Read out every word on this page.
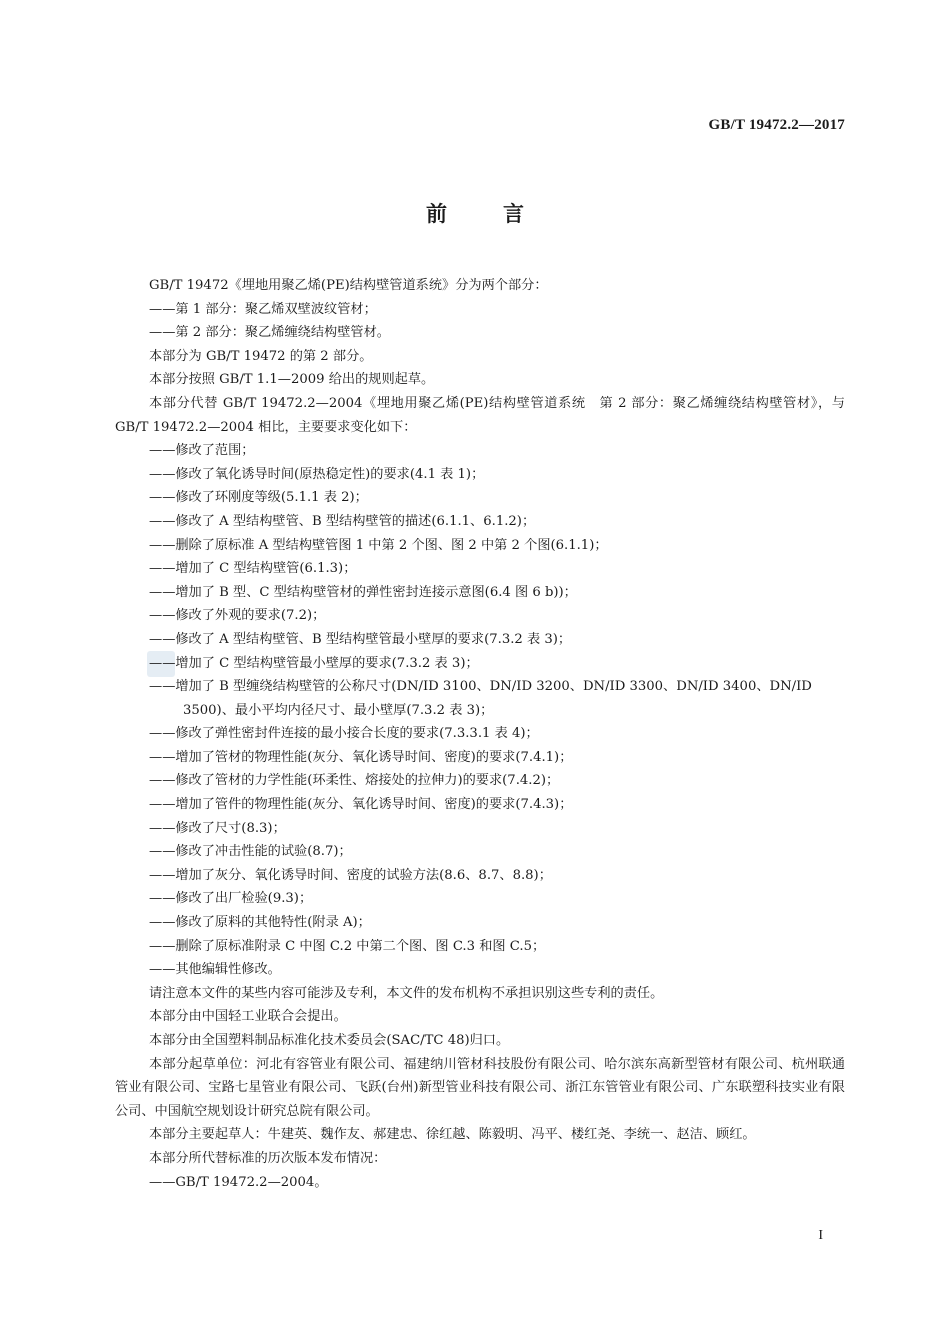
GB/T 19472.2—2017
前言

GB/T 19472《埋地用聚乙烯(PE)结构壁管道系统》分为两个部分：

——第 1 部分：聚乙烯双壁波纹管材；

——第 2 部分：聚乙烯缠绕结构壁管材。

本部分为 GB/T 19472 的第 2 部分。

本部分按照 GB/T 1.1—2009 给出的规则起草。

本部分代替 GB/T 19472.2—2004《埋地用聚乙烯(PE)结构壁管道系统　第 2 部分：聚乙烯缠绕结构壁管材》，与 GB/T 19472.2—2004 相比，主要要求变化如下：

——修改了范围；

——修改了氧化诱导时间(原热稳定性)的要求(4.1 表 1)；

——修改了环刚度等级(5.1.1 表 2)；

——修改了 A 型结构壁管、B 型结构壁管的描述(6.1.1、6.1.2)；

——删除了原标准 A 型结构壁管图 1 中第 2 个图、图 2 中第 2 个图(6.1.1)；

——增加了 C 型结构壁管(6.1.3)；

——增加了 B 型、C 型结构壁管材的弹性密封连接示意图(6.4 图 6 b))；

——修改了外观的要求(7.2)；

——修改了 A 型结构壁管、B 型结构壁管最小壁厚的要求(7.3.2 表 3)；

——增加了 C 型结构壁管最小壁厚的要求(7.3.2 表 3)；

——增加了 B 型缠绕结构壁管的公称尺寸(DN/ID 3100、DN/ID 3200、DN/ID 3300、DN/ID 3400、DN/ID 3500)、最小平均内径尺寸、最小壁厚(7.3.2 表 3)；

——修改了弹性密封件连接的最小接合长度的要求(7.3.3.1 表 4)；

——增加了管材的物理性能(灰分、氧化诱导时间、密度)的要求(7.4.1)；

——修改了管材的力学性能(环柔性、熔接处的拉伸力)的要求(7.4.2)；

——增加了管件的物理性能(灰分、氧化诱导时间、密度)的要求(7.4.3)；

——修改了尺寸(8.3)；

——修改了冲击性能的试验(8.7)；

——增加了灰分、氧化诱导时间、密度的试验方法(8.6、8.7、8.8)；

——修改了出厂检验(9.3)；

——修改了原料的其他特性(附录 A)；

——删除了原标准附录 C 中图 C.2 中第二个图、图 C.3 和图 C.5；

——其他编辑性修改。

请注意本文件的某些内容可能涉及专利，本文件的发布机构不承担识别这些专利的责任。

本部分由中国轻工业联合会提出。

本部分由全国塑料制品标准化技术委员会(SAC/TC 48)归口。

本部分起草单位：河北有容管业有限公司、福建纳川管材科技股份有限公司、哈尔滨东高新型管材有限公司、杭州联通管业有限公司、宝路七星管业有限公司、飞跃(台州)新型管业科技有限公司、浙江东管管业有限公司、广东联塑科技实业有限公司、中国航空规划设计研究总院有限公司。

本部分主要起草人：牛建英、魏作友、郝建忠、徐红越、陈毅明、冯平、楼红尧、李统一、赵洁、顾红。

本部分所代替标准的历次版本发布情况：

——GB/T 19472.2—2004。

I
